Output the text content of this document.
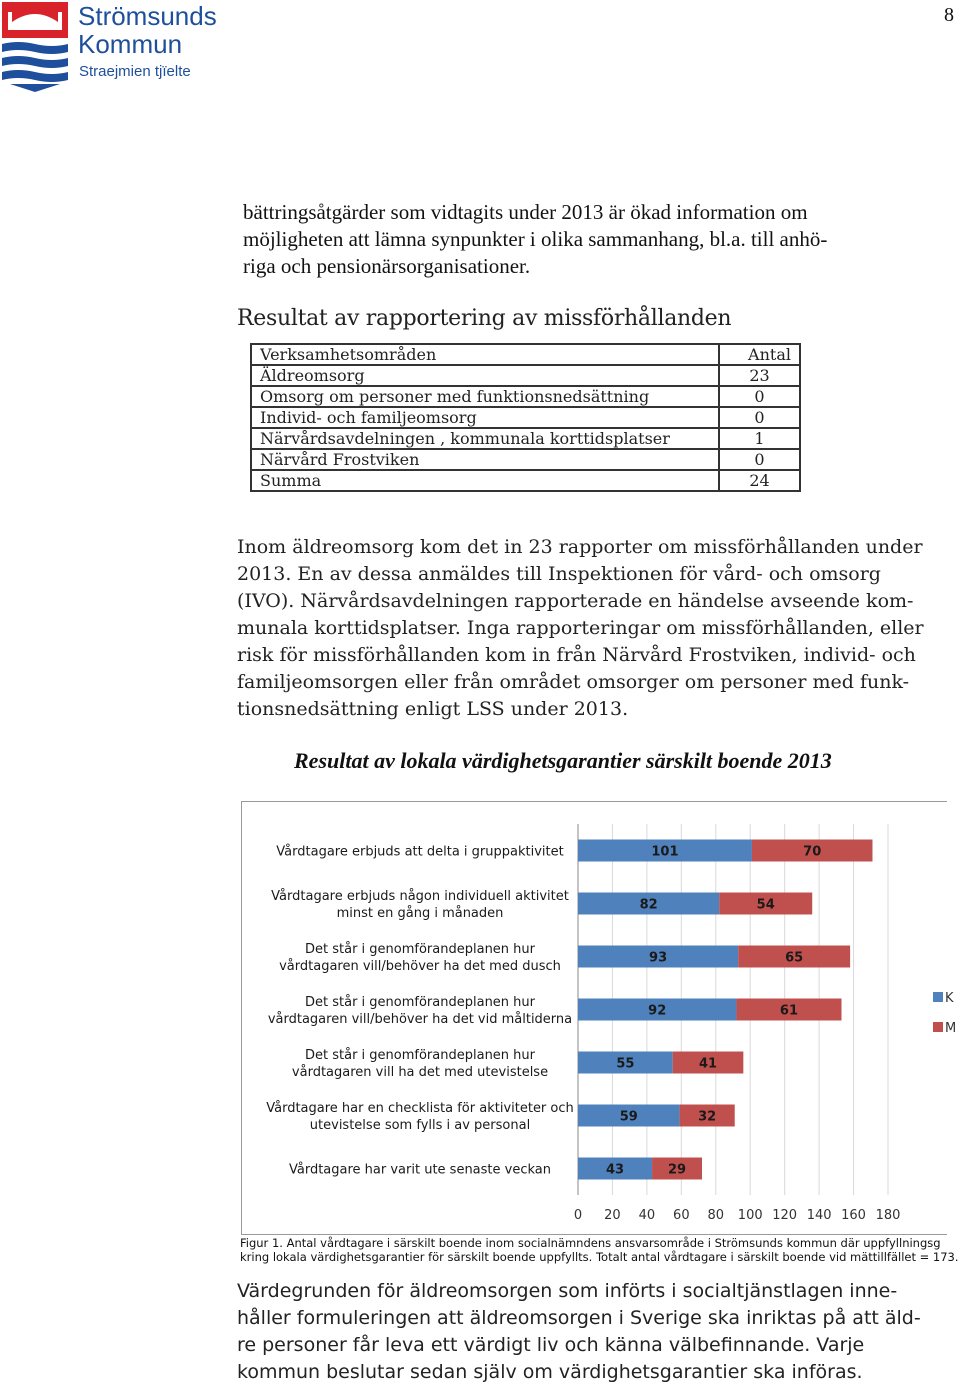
Strömsunds
Kommun
Straejmien tjïelte
8
bättringsåtgärder som vidtagits under 2013 är ökad information om
möjligheten att lämna synpunkter i olika sammanhang, bl.a. till anhö-
riga och pensionärsorganisationer.
Resultat av rapportering av missförhållanden
Verksamhetsområden	Antal
Äldreomsorg	23
Omsorg om personer med funktionsnedsättning	0
Individ- och familjeomsorg	0
Närvårdsavdelningen , kommunala korttidsplatser	1
Närvård Frostviken	0
Summa	24
Inom äldreomsorg kom det in 23 rapporter om missförhållanden under
2013. En av dessa anmäldes till Inspektionen för vård- och omsorg
(IVO). Närvårdsavdelningen rapporterade en händelse avseende kom-
munala korttidsplatser. Inga rapporteringar om missförhållanden, eller
risk för missförhållanden kom in från Närvård Frostviken, individ- och
familjeomsorgen eller från området omsorger om personer med funk-
tionsnedsättning enligt LSS under 2013.
Resultat av lokala värdighetsgarantier särskilt boende 2013
0 20 40 60 80 100 120 140 160 180
101	70
Vårdtagare erbjuds att delta i gruppaktivitet
82	54
Vårdtagare erbjuds någon individuell aktivitet
minst en gång i månaden
93	65
Det står i genomförandeplanen hur
vårdtagaren vill/behöver ha det med dusch
92	61
Det står i genomförandeplanen hur
vårdtagaren vill/behöver ha det vid måltiderna
55	41
Det står i genomförandeplanen hur
vårdtagaren vill ha det med utevistelse
59	32
Vårdtagare har en checklista för aktiviteter och
utevistelse som fylls i av personal
43	29
Vårdtagare har varit ute senaste veckan
K
M
Figur 1. Antal vårdtagare i särskilt boende inom socialnämndens ansvarsområde i Strömsunds kommun där uppfyllningsg
kring lokala värdighetsgarantier för särskilt boende uppfyllts. Totalt antal vårdtagare i särskilt boende vid mättillfället = 173.
Värdegrunden för äldreomsorgen som införts i socialtjänstlagen inne-
håller formuleringen att äldreomsorgen i Sverige ska inriktas på att äld-
re personer får leva ett värdigt liv och känna välbefinnande. Varje
kommun beslutar sedan själv om värdighetsgarantier ska införas.
